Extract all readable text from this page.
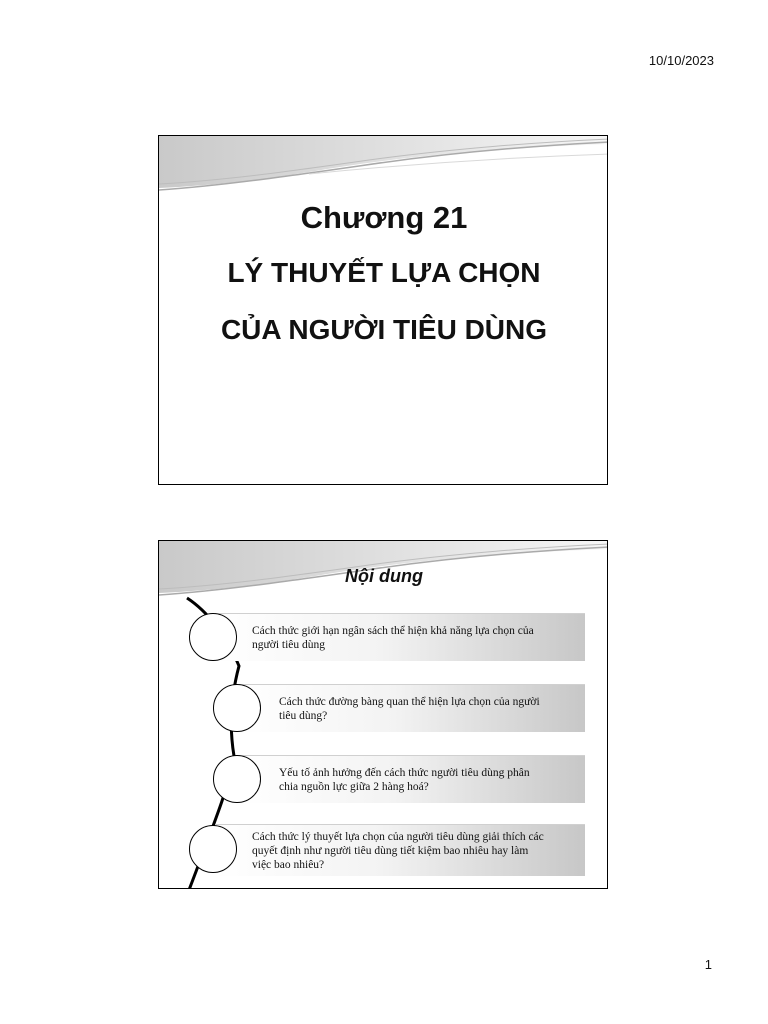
10/10/2023
Chương 21
LÝ THUYẾT LỰA CHỌN
CỦA NGƯỜI TIÊU DÙNG
Nội dung
Cách thức giới hạn ngân sách thể hiện khả năng lựa chọn của
người tiêu dùng
Cách thức đường bàng quan thể hiện lựa chọn của người
tiêu dùng?
Yếu tố ảnh hưởng đến cách thức người tiêu dùng phân
chia nguồn lực giữa 2 hàng hoá?
Cách thức lý thuyết lựa chọn của người tiêu dùng giải thích các
quyết định như người tiêu dùng tiết kiệm bao nhiêu hay làm
việc bao nhiêu?
1
